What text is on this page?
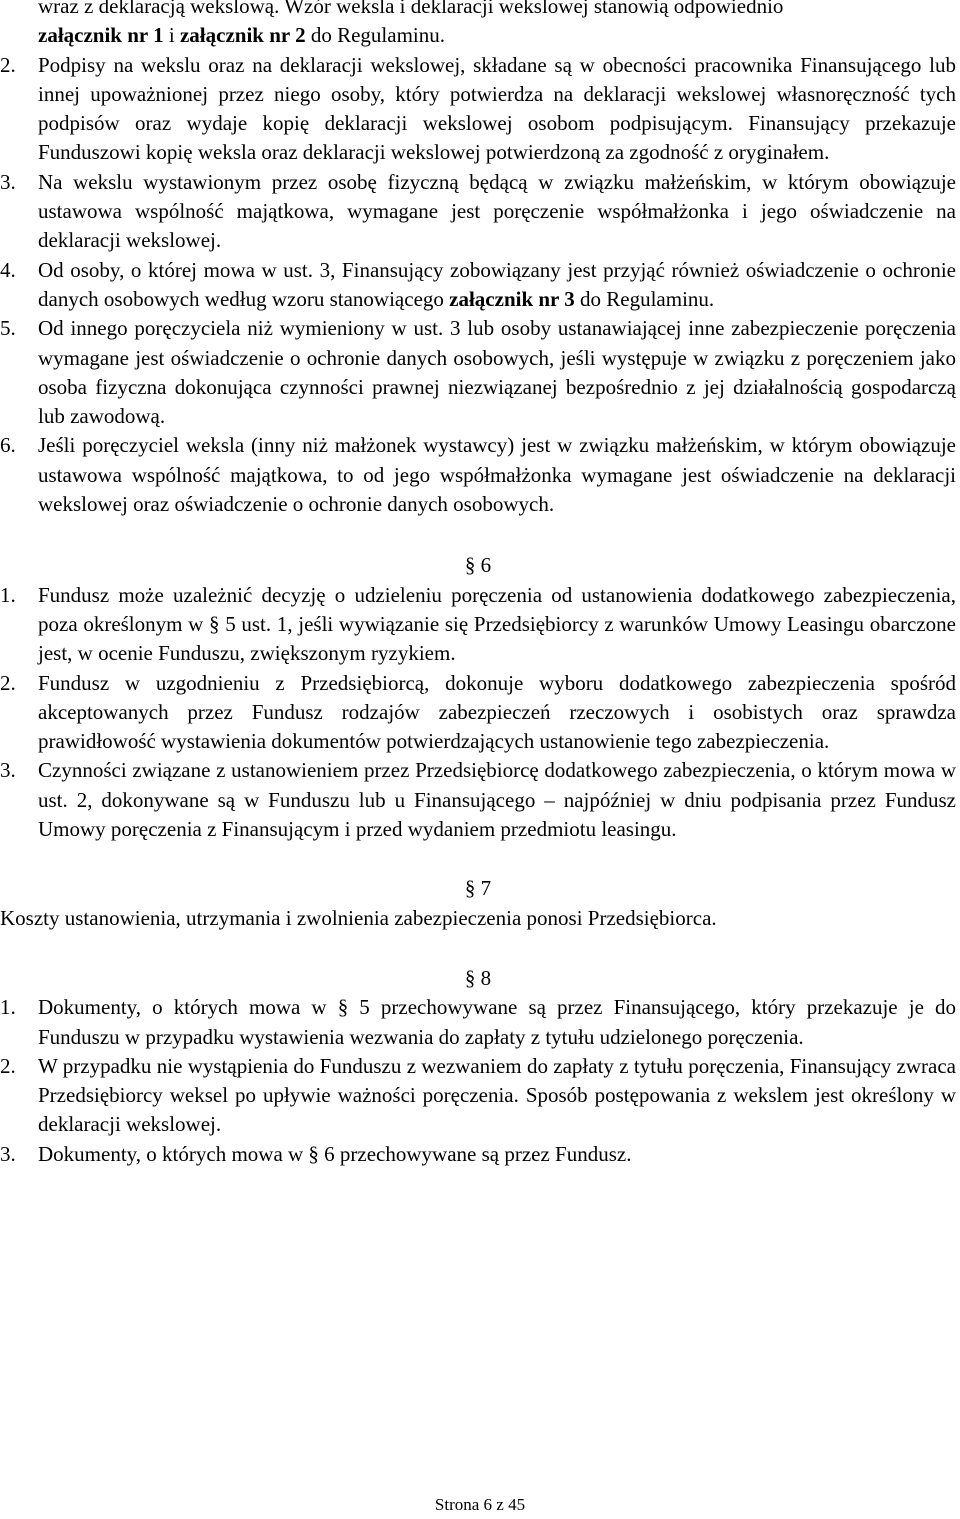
wraz z deklaracją wekslową. Wzór weksla i deklaracji wekslowej stanowią odpowiednio
załącznik nr 1 i załącznik nr 2 do Regulaminu.

2.	Podpisy na wekslu oraz na deklaracji wekslowej, składane są w obecności pracownika Finansującego lub innej upoważnionej przez niego osoby, który potwierdza na deklaracji wekslowej własnoręczność tych podpisów oraz wydaje kopię deklaracji wekslowej osobom podpisującym. Finansujący przekazuje Funduszowi kopię weksla oraz deklaracji wekslowej potwierdzoną za zgodność z oryginałem.

3.	Na wekslu wystawionym przez osobę fizyczną będącą w związku małżeńskim, w którym obowiązuje ustawowa wspólność majątkowa, wymagane jest poręczenie współmałżonka i jego oświadczenie na deklaracji wekslowej.

4.	Od osoby, o której mowa w ust. 3, Finansujący zobowiązany jest przyjąć również oświadczenie o ochronie danych osobowych według wzoru stanowiącego załącznik nr 3 do Regulaminu.

5.	Od innego poręczyciela niż wymieniony w ust. 3 lub osoby ustanawiającej inne zabezpieczenie poręczenia wymagane jest oświadczenie o ochronie danych osobowych, jeśli występuje w związku z poręczeniem jako osoba fizyczna dokonująca czynności prawnej niezwiązanej bezpośrednio z jej działalnością gospodarczą lub zawodową.

6.	Jeśli poręczyciel weksla (inny niż małżonek wystawcy) jest w związku małżeńskim, w którym obowiązuje ustawowa wspólność majątkowa, to od jego współmałżonka wymagane jest oświadczenie na deklaracji wekslowej oraz oświadczenie o ochronie danych osobowych.

§ 6

1.	Fundusz może uzależnić decyzję o udzieleniu poręczenia od ustanowienia dodatkowego zabezpieczenia, poza określonym w § 5 ust. 1, jeśli wywiązanie się Przedsiębiorcy z warunków Umowy Leasingu obarczone jest, w ocenie Funduszu, zwiększonym ryzykiem.

2.	Fundusz w uzgodnieniu z Przedsiębiorcą, dokonuje wyboru dodatkowego zabezpieczenia spośród akceptowanych przez Fundusz rodzajów zabezpieczeń rzeczowych i osobistych oraz sprawdza prawidłowość wystawienia dokumentów potwierdzających ustanowienie tego zabezpieczenia.

3.	Czynności związane z ustanowieniem przez Przedsiębiorcę dodatkowego zabezpieczenia, o którym mowa w ust. 2, dokonywane są w Funduszu lub u Finansującego – najpóźniej w dniu podpisania przez Fundusz Umowy poręczenia z Finansującym i przed wydaniem przedmiotu leasingu.

§ 7

Koszty ustanowienia, utrzymania i zwolnienia zabezpieczenia ponosi Przedsiębiorca.

§ 8

1.	Dokumenty, o których mowa w § 5 przechowywane są przez Finansującego, który przekazuje je do Funduszu w przypadku wystawienia wezwania do zapłaty z tytułu udzielonego poręczenia.

2.	W przypadku nie wystąpienia do Funduszu z wezwaniem do zapłaty z tytułu poręczenia, Finansujący zwraca Przedsiębiorcy weksel po upływie ważności poręczenia. Sposób postępowania z wekslem jest określony w deklaracji wekslowej.

3.	Dokumenty, o których mowa w § 6 przechowywane są przez Fundusz.

Strona 6 z 45
